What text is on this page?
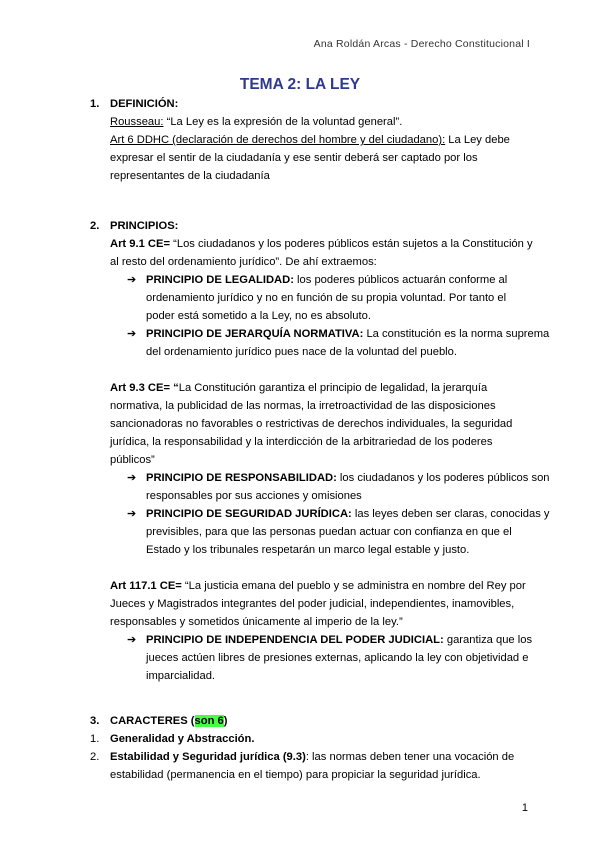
Ana Roldán Arcas - Derecho Constitucional I
TEMA 2: LA LEY
1. DEFINICIÓN:
Rousseau: “La Ley es la expresión de la voluntad general”.
Art 6 DDHC (declaración de derechos del hombre y del ciudadano): La Ley debe
expresar el sentir de la ciudadanía y ese sentir deberá ser captado por los
representantes de la ciudadanía
2. PRINCIPIOS:
Art 9.1 CE= “Los ciudadanos y los poderes públicos están sujetos a la Constitución y
al resto del ordenamiento jurídico”. De ahí extraemos:
➔ PRINCIPIO DE LEGALIDAD: los poderes públicos actuarán conforme al
ordenamiento jurídico y no en función de su propia voluntad. Por tanto el
poder está sometido a la Ley, no es absoluto.
➔ PRINCIPIO DE JERARQUÍA NORMATIVA: La constitución es la norma suprema
del ordenamiento jurídico pues nace de la voluntad del pueblo.
Art 9.3 CE= “La Constitución garantiza el principio de legalidad, la jerarquía
normativa, la publicidad de las normas, la irretroactividad de las disposiciones
sancionadoras no favorables o restrictivas de derechos individuales, la seguridad
jurídica, la responsabilidad y la interdicción de la arbitrariedad de los poderes
públicos”
➔ PRINCIPIO DE RESPONSABILIDAD: los ciudadanos y los poderes públicos son
responsables por sus acciones y omisiones
➔ PRINCIPIO DE SEGURIDAD JURÍDICA: las leyes deben ser claras, conocidas y
previsibles, para que las personas puedan actuar con confianza en que el
Estado y los tribunales respetarán un marco legal estable y justo.
Art 117.1 CE= “La justicia emana del pueblo y se administra en nombre del Rey por
Jueces y Magistrados integrantes del poder judicial, independientes, inamovibles,
responsables y sometidos únicamente al imperio de la ley.”
➔ PRINCIPIO DE INDEPENDENCIA DEL PODER JUDICIAL: garantiza que los
jueces actúen libres de presiones externas, aplicando la ley con objetividad e
imparcialidad.
3. CARACTERES (son 6)
1. Generalidad y Abstracción.
2. Estabilidad y Seguridad jurídica (9.3): las normas deben tener una vocación de
estabilidad (permanencia en el tiempo) para propiciar la seguridad jurídica.
1
